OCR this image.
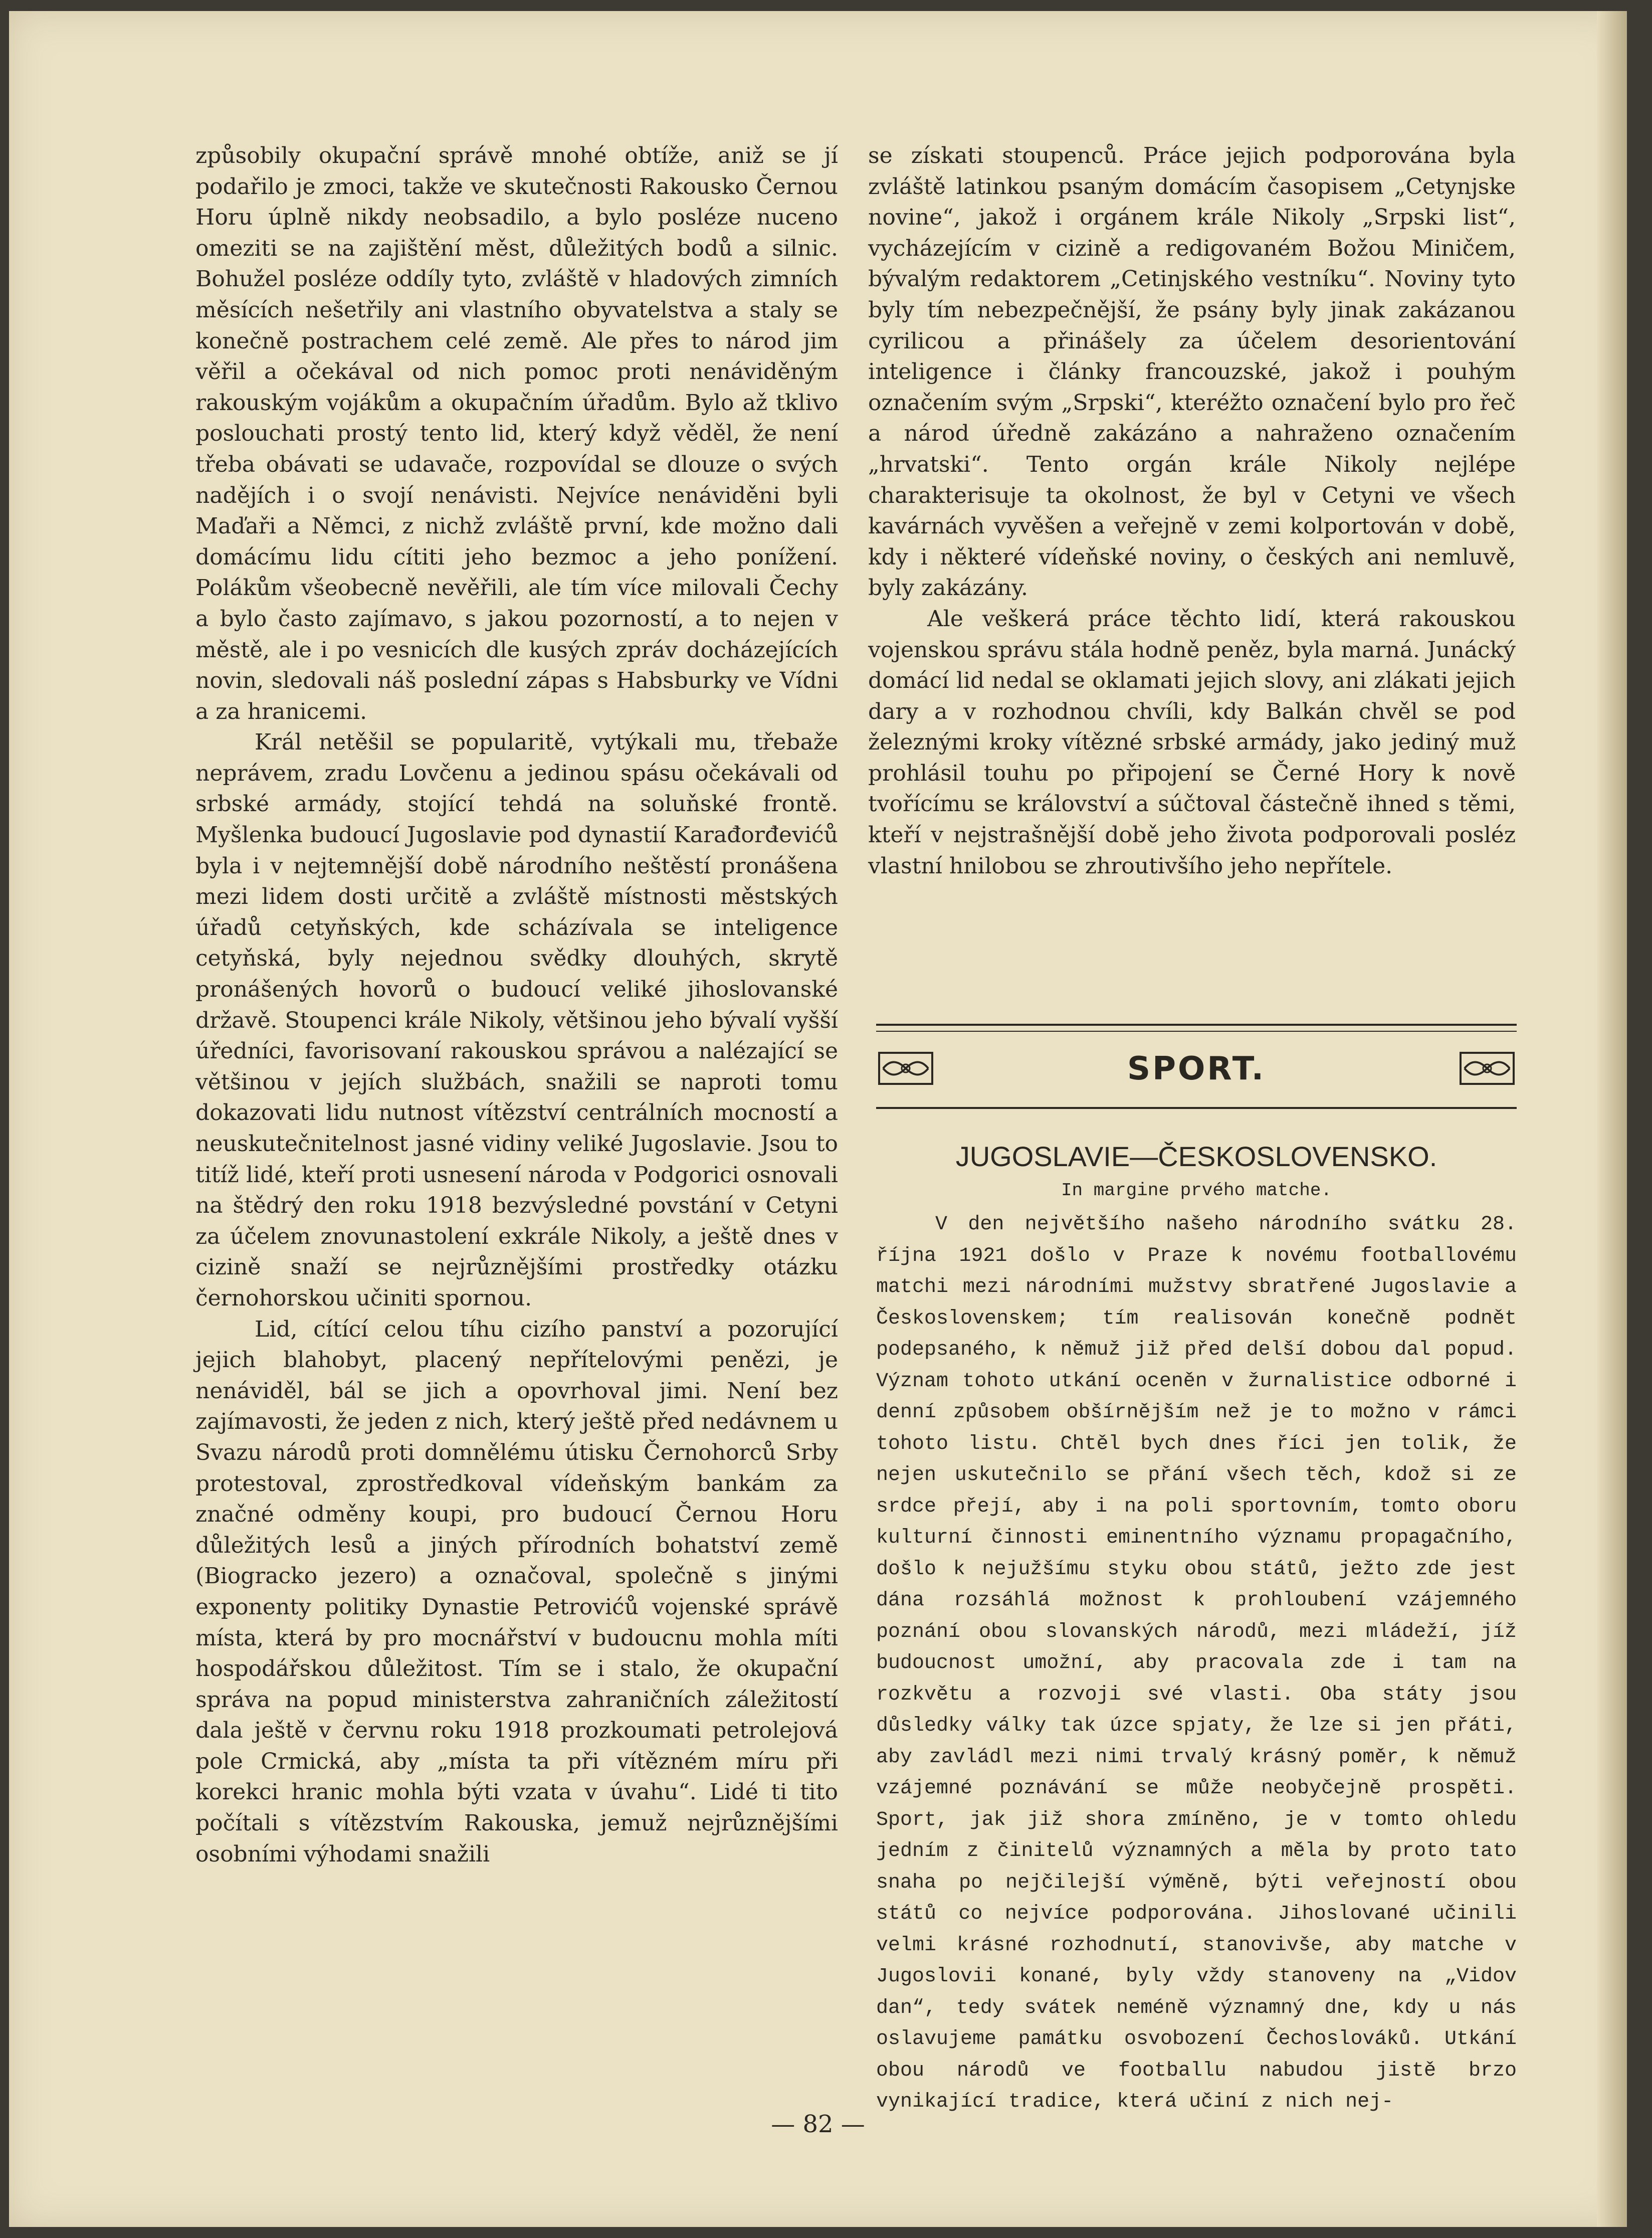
způsobily okupační správě mnohé obtíže, aniž se jí podařilo je zmoci, takže ve skutečnosti Rakousko Černou Horu úplně nikdy neobsadilo, a bylo posléze nuceno omeziti se na zajištění měst, důležitých bodů a silnic. Bohužel posléze oddíly tyto, zvláště v hladových zimních měsících nešetřily ani vlastního obyvatelstva a staly se konečně postrachem celé země. Ale přes to národ jim věřil a očekával od nich pomoc proti nenáviděným rakouským vojákům a okupačním úřadům. Bylo až tklivo poslouchati prostý tento lid, který když věděl, že není třeba obávati se udavače, rozpovídal se dlouze o svých nadějích i o svojí nenávisti. Nejvíce nenáviděni byli Maďaři a Němci, z nichž zvláště první, kde možno dali domácímu lidu cítiti jeho bezmoc a jeho ponížení. Polákům všeobecně nevěřili, ale tím více milovali Čechy a bylo často zajímavo, s jakou pozorností, a to nejen v městě, ale i po vesnicích dle kusých zpráv docházejících novin, sledovali náš poslední zápas s Habsburky ve Vídni a za hranicemi.

Král netěšil se popularitě, vytýkali mu, třebaže neprávem, zradu Lovčenu a jedinou spásu očekávali od srbské armády, stojící tehdá na soluňské frontě. Myšlenka budoucí Jugoslavie pod dynastií Karađorđevićů byla i v nejtemnější době národního neštěstí pronášena mezi lidem dosti určitě a zvláště místnosti městských úřadů cetyňských, kde scházívala se inteligence cetyňská, byly nejednou svědky dlouhých, skrytě pronášených hovorů o budoucí veliké jihoslovanské državě. Stoupenci krále Nikoly, většinou jeho bývalí vyšší úředníci, favorisovaní rakouskou správou a nalézající se většinou v jejích službách, snažili se naproti tomu dokazovati lidu nutnost vítězství centrálních mocností a neuskutečnitelnost jasné vidiny veliké Jugoslavie. Jsou to titíž lidé, kteří proti usnesení národa v Podgorici osnovali na štědrý den roku 1918 bezvýsledné povstání v Cetyni za účelem znovunastolení exkrále Nikoly, a ještě dnes v cizině snaží se nejrůznějšími prostředky otázku černohorskou učiniti spornou.

Lid, cítící celou tíhu cizího panství a pozorující jejich blahobyt, placený nepřítelovými penězi, je nenáviděl, bál se jich a opovrhoval jimi. Není bez zajímavosti, že jeden z nich, který ještě před nedávnem u Svazu národů proti domnělému útisku Černohorců Srby protestoval, zprostředkoval vídeňským bankám za značné odměny koupi, pro budoucí Černou Horu důležitých lesů a jiných přírodních bohatství země (Biogracko jezero) a označoval, společně s jinými exponenty politiky Dynastie Petrovićů vojenské správě místa, která by pro mocnářství v budoucnu mohla míti hospodářskou důležitost. Tím se i stalo, že okupační správa na popud ministerstva zahraničních záležitostí dala ještě v červnu roku 1918 prozkoumati petrolejová pole Crmická, aby „místa ta při vítězném míru při korekci hranic mohla býti vzata v úvahu“. Lidé ti tito počítali s vítězstvím Rakouska, jemuž nejrůznějšími osobními výhodami snažili

se získati stoupenců. Práce jejich podporována byla zvláště latinkou psaným domácím časopisem „Cetynjske novine“, jakož i orgánem krále Nikoly „Srpski list“, vycházejícím v cizině a redigovaném Božou Miničem, bývalým redaktorem „Cetinjského vestníku“. Noviny tyto byly tím nebezpečnější, že psány byly jinak zakázanou cyrilicou a přinášely za účelem desorientování inteligence i články francouzské, jakož i pouhým označením svým „Srpski“, kteréžto označení bylo pro řeč a národ úředně zakázáno a nahraženo označením „hrvatski“. Tento orgán krále Nikoly nejlépe charakterisuje ta okolnost, že byl v Cetyni ve všech kavárnách vyvěšen a veřejně v zemi kolportován v době, kdy i některé vídeňské noviny, o českých ani nemluvě, byly zakázány.

Ale veškerá práce těchto lidí, která rakouskou vojenskou správu stála hodně peněz, byla marná. Junácký domácí lid nedal se oklamati jejich slovy, ani zlákati jejich dary a v rozhodnou chvíli, kdy Balkán chvěl se pod železnými kroky vítězné srbské armády, jako jediný muž prohlásil touhu po připojení se Černé Hory k nově tvořícímu se království a súčtoval částečně ihned s těmi, kteří v nejstrašnější době jeho života podporovali posléz vlastní hnilobou se zhroutivšího jeho nepřítele.

SPORT.
JUGOSLAVIE—ČESKOSLOVENSKO.
In margine prvého matche.

V den největšího našeho národního svátku 28. října 1921 došlo v Praze k novému footballovému matchi mezi národními mužstvy sbratřené Jugoslavie a Československem; tím realisován konečně podnět podepsaného, k němuž již před delší dobou dal popud. Význam tohoto utkání oceněn v žurnalistice odborné i denní způsobem obšírnějším než je to možno v rámci tohoto listu. Chtěl bych dnes říci jen tolik, že nejen uskutečnilo se přání všech těch, kdož si ze srdce přejí, aby i na poli sportovním, tomto oboru kulturní činnosti eminentního významu propagačního, došlo k nejužšímu styku obou států, ježto zde jest dána rozsáhlá možnost k prohloubení vzájemného poznání obou slovanských národů, mezi mládeží, jíž budoucnost umožní, aby pracovala zde i tam na rozkvětu a rozvoji své vlasti. Oba státy jsou důsledky války tak úzce spjaty, že lze si jen přáti, aby zavládl mezi nimi trvalý krásný poměr, k němuž vzájemné poznávání se může neobyčejně prospěti. Sport, jak již shora zmíněno, je v tomto ohledu jedním z činitelů významných a měla by proto tato snaha po nejčilejší výměně, býti veřejností obou států co nejvíce podporována. Jihoslované učinili velmi krásné rozhodnutí, stanovivše, aby matche v Jugoslovii konané, byly vždy stanoveny na „Vidov dan“, tedy svátek neméně významný dne, kdy u nás oslavujeme památku osvobození Čechoslováků. Utkání obou národů ve footballu nabudou jistě brzo vynikající tradice, která učiní z nich nej-

— 82 —
